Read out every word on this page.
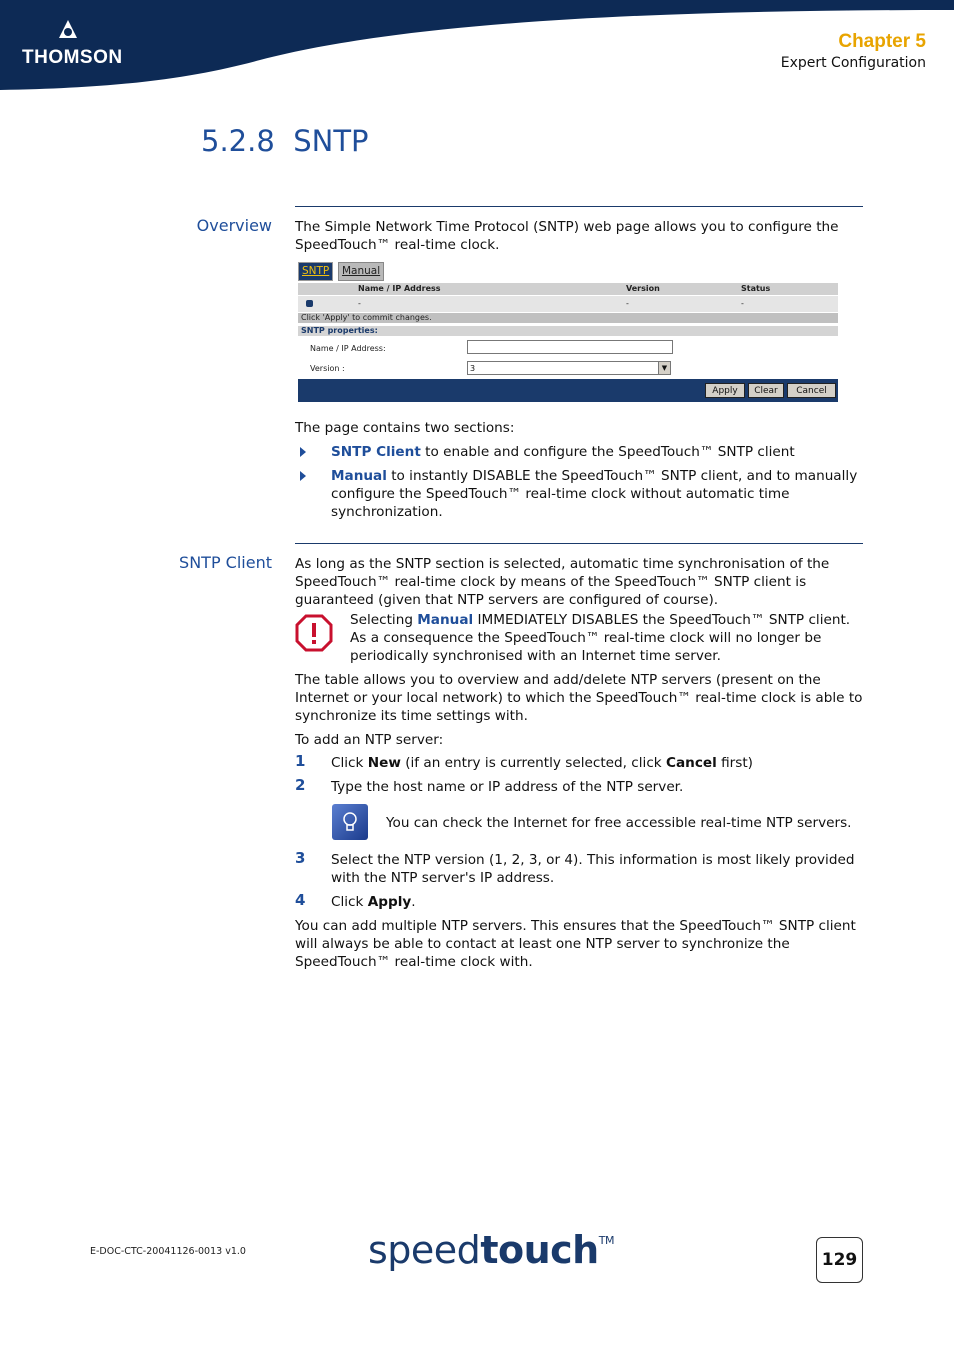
THOMSON
Chapter 5
Expert Configuration
5.2.8 SNTP
Overview The Simple Network Time Protocol (SNTP) web page allows you to configure the SpeedTouch™ real-time clock.

SNTP	Manual
Name / IP Address	Version	Status
-	-	-
Click 'Apply' to commit changes.
SNTP properties:
Name / IP Address:
Version :	3	▼
Apply	Clear	Cancel

The page contains two sections:

SNTP Client to enable and configure the SpeedTouch™ SNTP client

Manual to instantly DISABLE the SpeedTouch™ SNTP client, and to manually configure the SpeedTouch™ real-time clock without automatic time synchronization.

SNTP Client As long as the SNTP section is selected, automatic time synchronisation of the SpeedTouch™ real-time clock by means of the SpeedTouch™ SNTP client is guaranteed (given that NTP servers are configured of course).

Selecting Manual IMMEDIATELY DISABLES the SpeedTouch™ SNTP client. As a consequence the SpeedTouch™ real-time clock will no longer be periodically synchronised with an Internet time server.

The table allows you to overview and add/delete NTP servers (present on the Internet or your local network) to which the SpeedTouch™ real-time clock is able to synchronize its time settings with.

To add an NTP server:

1 Click New (if an entry is currently selected, click Cancel first)

2 Type the host name or IP address of the NTP server.

You can check the Internet for free accessible real-time NTP servers.

3 Select the NTP version (1, 2, 3, or 4). This information is most likely provided with the NTP server's IP address.

4 Click Apply.

You can add multiple NTP servers. This ensures that the SpeedTouch™ SNTP client will always be able to contact at least one NTP server to synchronize the SpeedTouch™ real-time clock with.

E-DOC-CTC-20041126-0013 v1.0	speedtouch™
129
